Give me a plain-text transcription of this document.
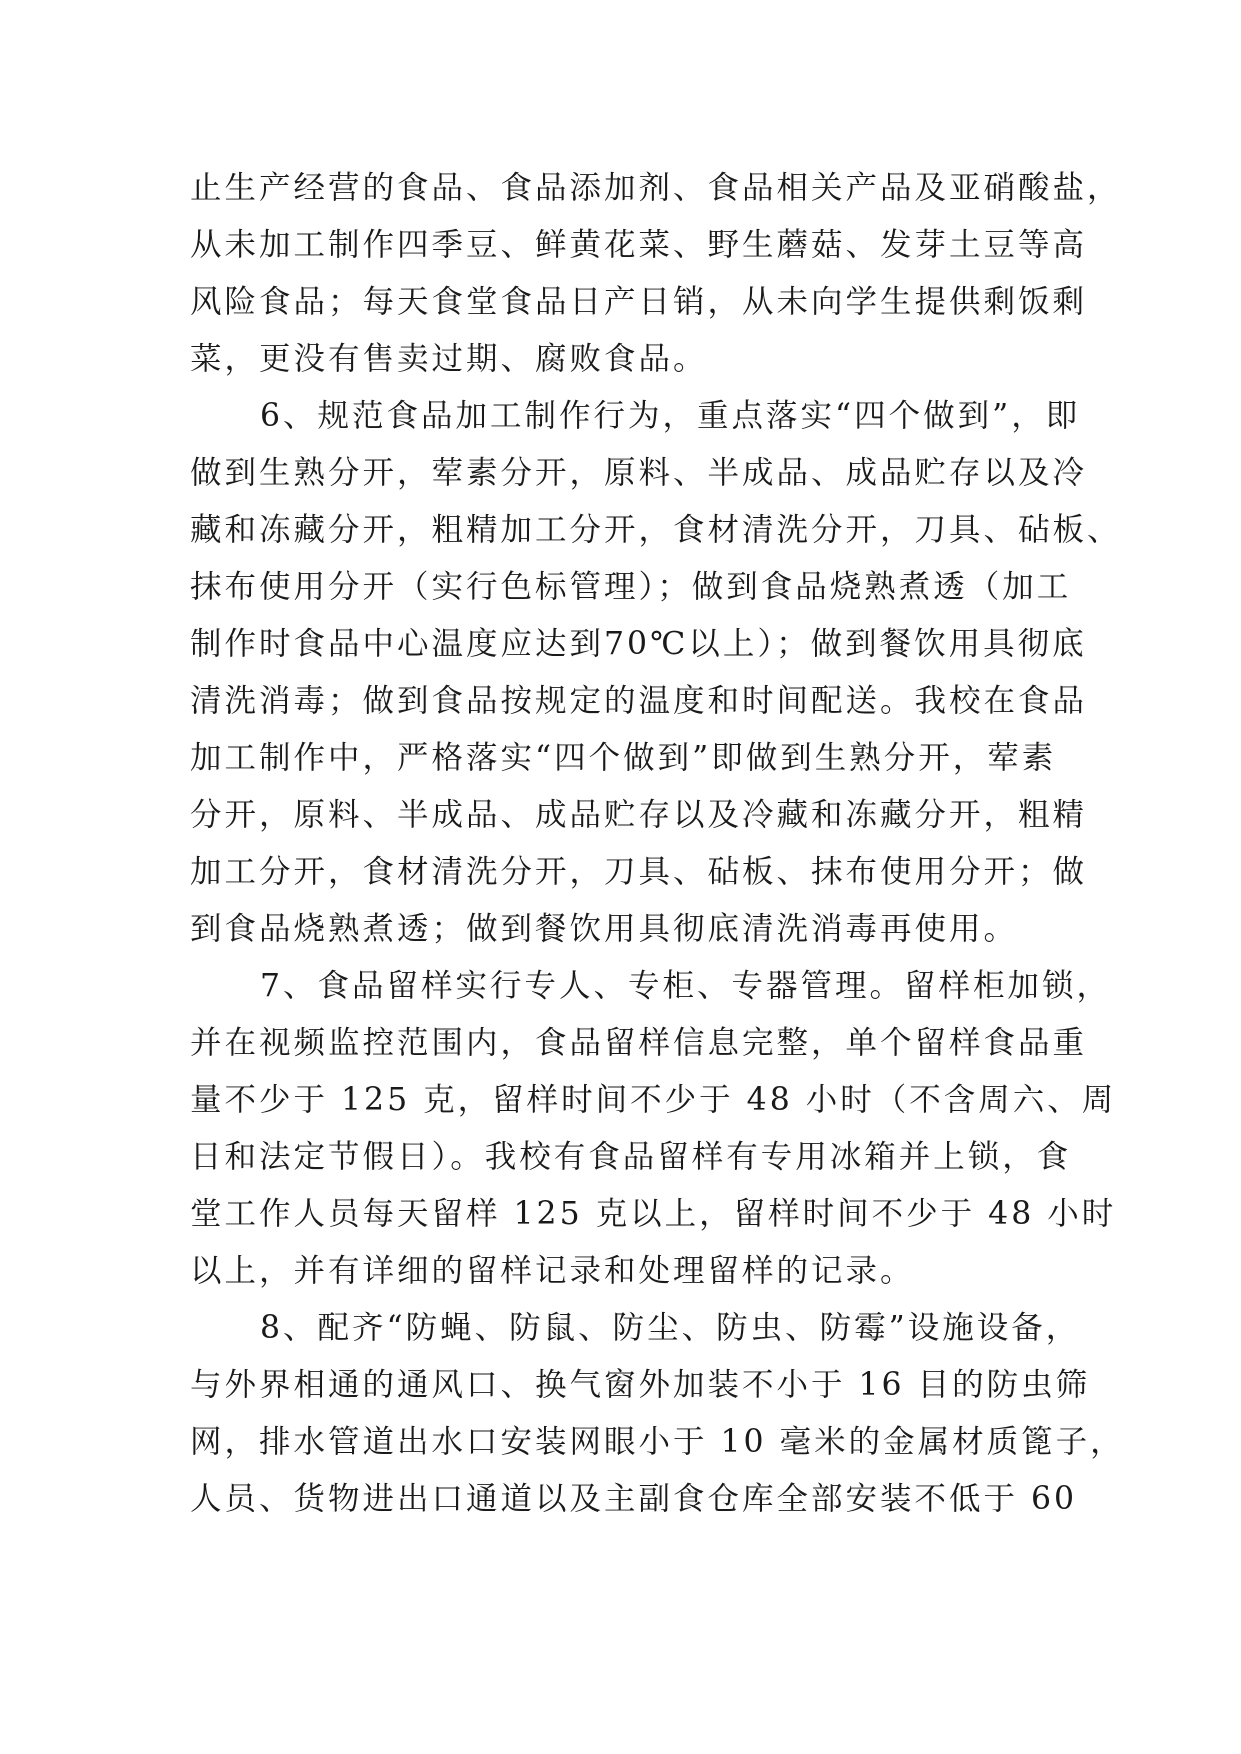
止生产经营的食品、食品添加剂、食品相关产品及亚硝酸盐，
从未加工制作四季豆、鲜黄花菜、野生蘑菇、发芽土豆等高
风险食品；每天食堂食品日产日销，从未向学生提供剩饭剩
菜，更没有售卖过期、腐败食品。
6、规范食品加工制作行为，重点落实“四个做到”，即
做到生熟分开，荤素分开，原料、半成品、成品贮存以及冷
藏和冻藏分开，粗精加工分开，食材清洗分开，刀具、砧板、
抹布使用分开（实行色标管理）；做到食品烧熟煮透（加工
制作时食品中心温度应达到70℃以上）；做到餐饮用具彻底
清洗消毒；做到食品按规定的温度和时间配送。我校在食品
加工制作中，严格落实“四个做到”即做到生熟分开，荤素
分开，原料、半成品、成品贮存以及冷藏和冻藏分开，粗精
加工分开，食材清洗分开，刀具、砧板、抹布使用分开；做
到食品烧熟煮透；做到餐饮用具彻底清洗消毒再使用。
7、食品留样实行专人、专柜、专器管理。留样柜加锁，
并在视频监控范围内，食品留样信息完整，单个留样食品重
量不少于 125 克，留样时间不少于 48 小时（不含周六、周
日和法定节假日）。我校有食品留样有专用冰箱并上锁，食
堂工作人员每天留样 125 克以上，留样时间不少于 48 小时
以上，并有详细的留样记录和处理留样的记录。
8、配齐“防蝇、防鼠、防尘、防虫、防霉”设施设备，
与外界相通的通风口、换气窗外加装不小于 16 目的防虫筛
网，排水管道出水口安装网眼小于 10 毫米的金属材质篦子，
人员、货物进出口通道以及主副食仓库全部安装不低于 60
